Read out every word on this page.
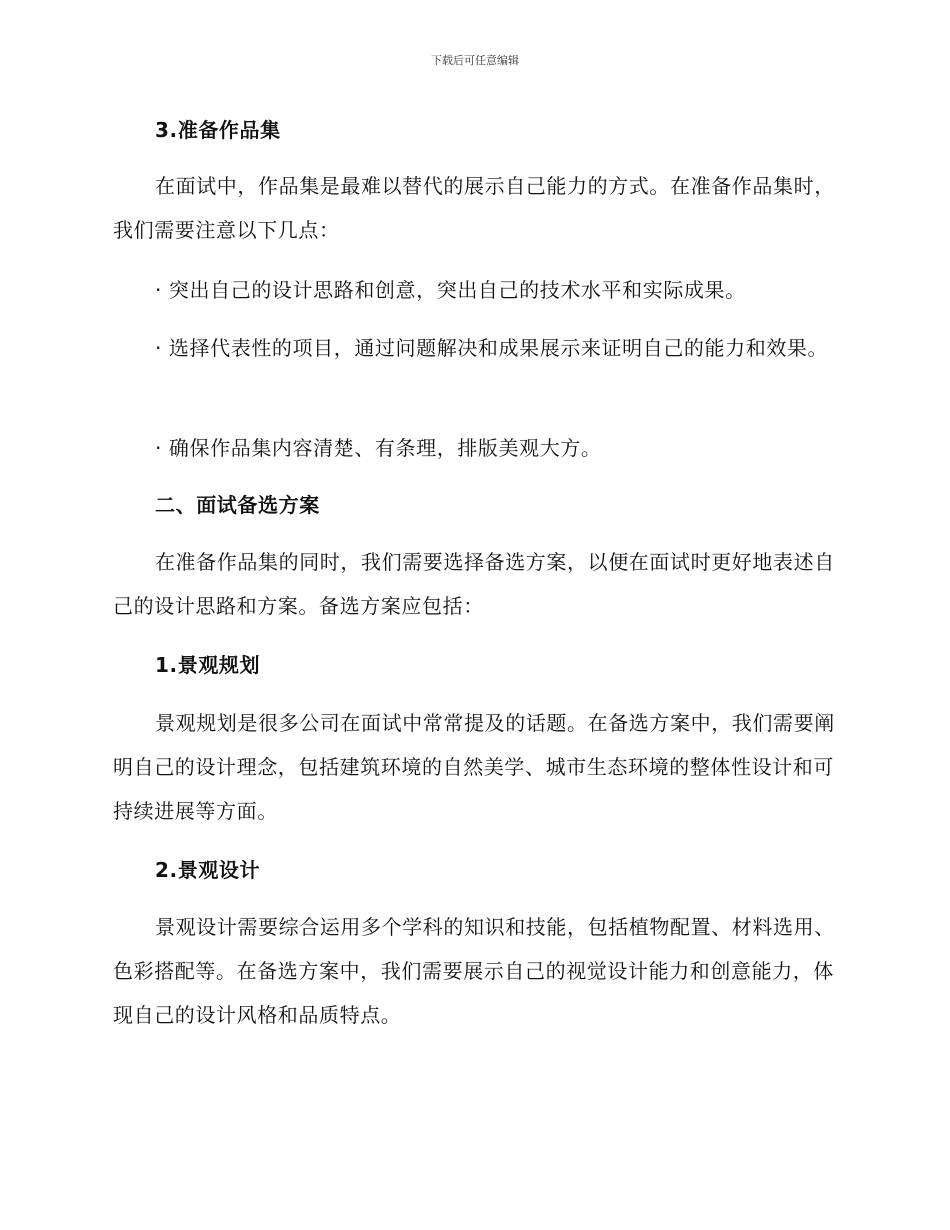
下载后可任意编辑
3.准备作品集
在面试中，作品集是最难以替代的展示自己能力的方式。在准备作品集时，我们需要注意以下几点：
· 突出自己的设计思路和创意，突出自己的技术水平和实际成果。
· 选择代表性的项目，通过问题解决和成果展示来证明自己的能力和效果。
· 确保作品集内容清楚、有条理，排版美观大方。
二、面试备选方案
在准备作品集的同时，我们需要选择备选方案，以便在面试时更好地表述自己的设计思路和方案。备选方案应包括：
1.景观规划
景观规划是很多公司在面试中常常提及的话题。在备选方案中，我们需要阐明自己的设计理念，包括建筑环境的自然美学、城市生态环境的整体性设计和可持续进展等方面。
2.景观设计
景观设计需要综合运用多个学科的知识和技能，包括植物配置、材料选用、色彩搭配等。在备选方案中，我们需要展示自己的视觉设计能力和创意能力，体现自己的设计风格和品质特点。
